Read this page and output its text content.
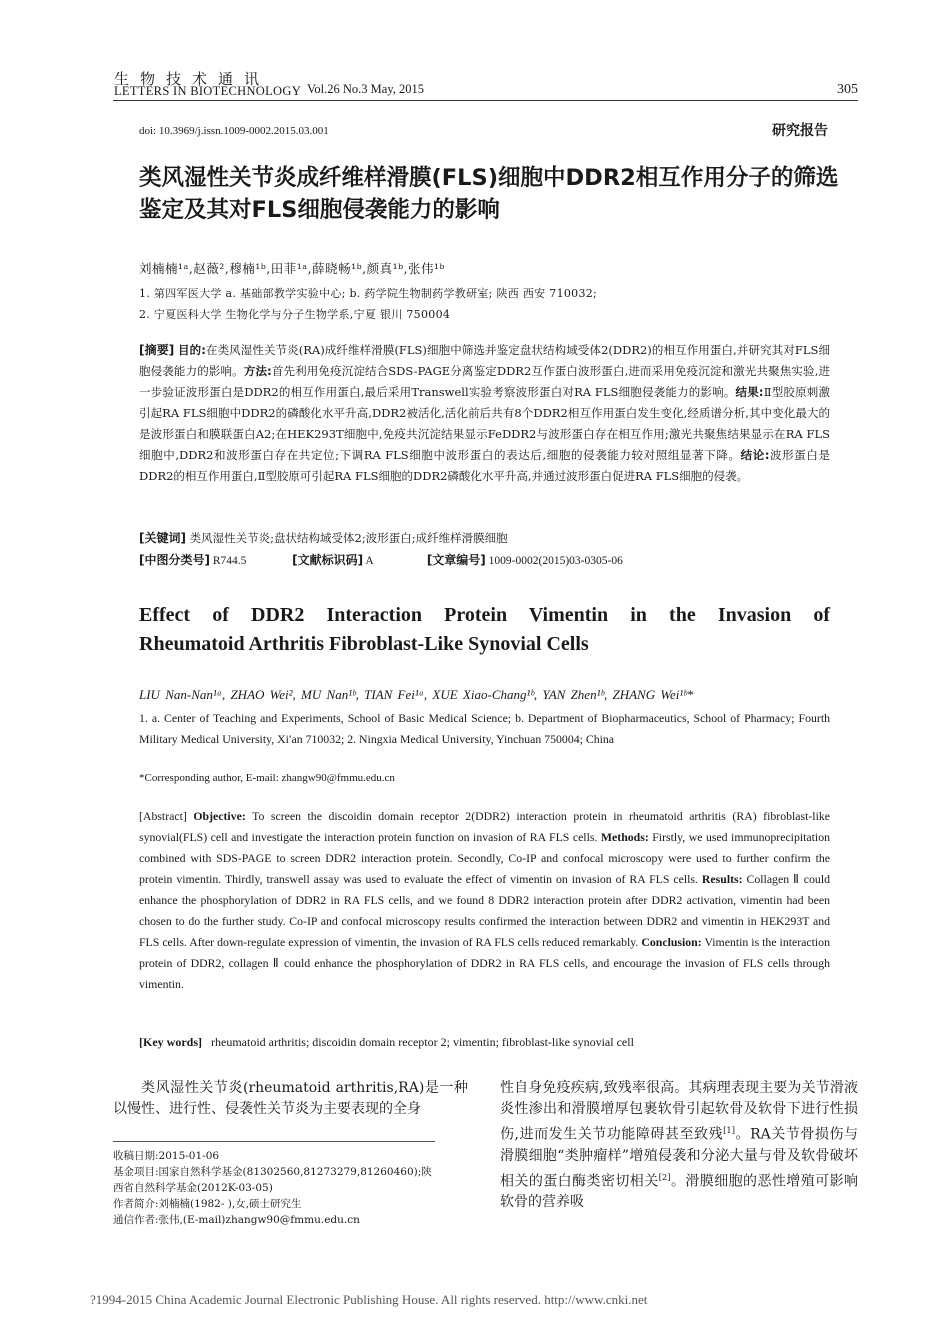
生物技术通讯
LETTERS IN BIOTECHNOLOGY Vol.26 No.3 May, 2015	305
doi: 10.3969/j.issn.1009-0002.2015.03.001	研究报告
类风湿性关节炎成纤维样滑膜(FLS)细胞中DDR2相互作用分子的筛选鉴定及其对FLS细胞侵袭能力的影响
刘楠楠¹ᵃ,赵薇²,穆楠¹ᵇ,田菲¹ᵃ,薛晓畅¹ᵇ,颜真¹ᵇ,张伟¹ᵇ
1. 第四军医大学 a. 基础部教学实验中心; b. 药学院生物制药学教研室; 陕西 西安 710032;
2. 宁夏医科大学 生物化学与分子生物学系,宁夏 银川 750004

[摘要] 目的:在类风湿性关节炎(RA)成纤维样滑膜(FLS)细胞中筛选并鉴定盘状结构域受体2(DDR2)的相互作用蛋白,并研究其对FLS细胞侵袭能力的影响。方法:首先利用免疫沉淀结合SDS-PAGE分离鉴定DDR2互作蛋白波形蛋白,进而采用免疫沉淀和激光共聚焦实验,进一步验证波形蛋白是DDR2的相互作用蛋白,最后采用Transwell实验考察波形蛋白对RA FLS细胞侵袭能力的影响。结果:Ⅱ型胶原刺激引起RA FLS细胞中DDR2的磷酸化水平升高,DDR2被活化,活化前后共有8个DDR2相互作用蛋白发生变化,经质谱分析,其中变化最大的是波形蛋白和膜联蛋白A2;在HEK293T细胞中,免疫共沉淀结果显示FeDDR2与波形蛋白存在相互作用;激光共聚焦结果显示在RA FLS细胞中,DDR2和波形蛋白存在共定位;下调RA FLS细胞中波形蛋白的表达后,细胞的侵袭能力较对照组显著下降。结论:波形蛋白是DDR2的相互作用蛋白,Ⅱ型胶原可引起RA FLS细胞的DDR2磷酸化水平升高,并通过波形蛋白促进RA FLS细胞的侵袭。

[关键词] 类风湿性关节炎;盘状结构域受体2;波形蛋白;成纤维样滑膜细胞
[中图分类号] R744.5	[文献标识码] A	[文章编号] 1009-0002(2015)03-0305-06
Effect of DDR2 Interaction Protein Vimentin in the Invasion of
Rheumatoid Arthritis Fibroblast-Like Synovial Cells
LIU Nan-Nan¹ᵃ, ZHAO Wei², MU Nan¹ᵇ, TIAN Fei¹ᵃ, XUE Xiao-Chang¹ᵇ, YAN Zhen¹ᵇ, ZHANG Wei¹ᵇ*
1. a. Center of Teaching and Experiments, School of Basic Medical Science; b. Department of Biopharmaceutics, School of Pharmacy; Fourth Military Medical University, Xi′an 710032; 2. Ningxia Medical University, Yinchuan 750004; China
*Corresponding author, E-mail: zhangw90@fmmu.edu.cn
[Abstract] Objective: To screen the discoidin domain receptor 2(DDR2) interaction protein in rheumatoid arthritis (RA) fibroblast-like synovial(FLS) cell and investigate the interaction protein function on invasion of RA FLS cells. Methods: Firstly, we used immunoprecipitation combined with SDS-PAGE to screen DDR2 interaction protein. Secondly, Co-IP and confocal microscopy were used to further confirm the protein vimentin. Thirdly, transwell assay was used to evaluate the effect of vimentin on invasion of RA FLS cells. Results: Collagen Ⅱ could enhance the phosphorylation of DDR2 in RA FLS cells, and we found 8 DDR2 interaction protein after DDR2 activation, vimentin had been chosen to do the further study. Co-IP and confocal microscopy results confirmed the interaction between DDR2 and vimentin in HEK293T and FLS cells. After down-regulate expression of vimentin, the invasion of RA FLS cells reduced remarkably. Conclusion: Vimentin is the interaction protein of DDR2, collagen Ⅱ could enhance the phosphorylation of DDR2 in RA FLS cells, and encourage the invasion of FLS cells through vimentin.
[Key words] rheumatoid arthritis; discoidin domain receptor 2; vimentin; fibroblast-like synovial cell
类风湿性关节炎(rheumatoid arthritis,RA)是一种以慢性、进行性、侵袭性关节炎为主要表现的全身
性自身免疫疾病,致残率很高。其病理表现主要为关节滑液炎性渗出和滑膜增厚包裹软骨引起软骨及软骨下进行性损伤,进而发生关节功能障碍甚至致残[1]。RA关节骨损伤与滑膜细胞“类肿瘤样”增殖侵袭和分泌大量与骨及软骨破坏相关的蛋白酶类密切相关[2]。滑膜细胞的恶性增殖可影响软骨的营养吸
收稿日期:2015-01-06
基金项目:国家自然科学基金(81302560,81273279,81260460);陕
西省自然科学基金(2012K-03-05)
作者简介:刘楠楠(1982- ),女,硕士研究生
通信作者:张伟,(E-mail)zhangw90@fmmu.edu.cn
?1994-2015 China Academic Journal Electronic Publishing House. All rights reserved. http://www.cnki.net
